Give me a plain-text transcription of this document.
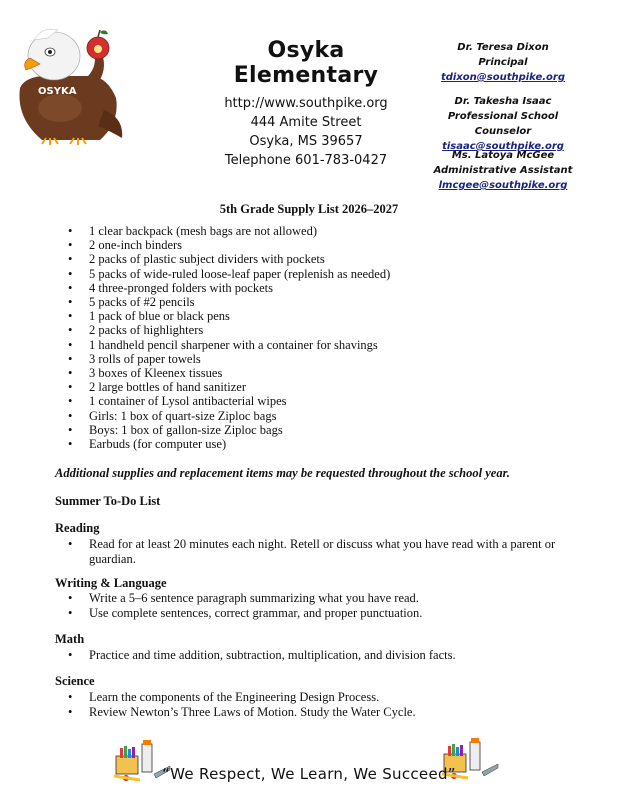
OSYKA
Osyka Elementary
http://www.southpike.org
444 Amite Street
Osyka, MS 39657
Telephone 601-783-0427
Dr. Teresa Dixon
Principal
tdixon@southpike.org
Dr. Takesha Isaac
Professional School Counselor
tisaac@southpike.org
Ms. Latoya McGee
Administrative Assistant
lmcgee@southpike.org
5th Grade Supply List 2026–2027
• 1 clear backpack (mesh bags are not allowed)
• 2 one-inch binders
• 2 packs of plastic subject dividers with pockets
• 5 packs of wide-ruled loose-leaf paper (replenish as needed)
• 4 three-pronged folders with pockets
• 5 packs of #2 pencils
• 1 pack of blue or black pens
• 2 packs of highlighters
• 1 handheld pencil sharpener with a container for shavings
• 3 rolls of paper towels
• 3 boxes of Kleenex tissues
• 2 large bottles of hand sanitizer
• 1 container of Lysol antibacterial wipes
• Girls: 1 box of quart-size Ziploc bags
• Boys: 1 box of gallon-size Ziploc bags
• Earbuds (for computer use)
Additional supplies and replacement items may be requested throughout the school year.
Summer To-Do List
Reading
• Read for at least 20 minutes each night. Retell or discuss what you have read with a parent or guardian.
Writing & Language
• Write a 5–6 sentence paragraph summarizing what you have read.
• Use complete sentences, correct grammar, and proper punctuation.
Math
• Practice and time addition, subtraction, multiplication, and division facts.
Science
• Learn the components of the Engineering Design Process.
• Review Newton’s Three Laws of Motion. Study the Water Cycle.
“We Respect, We Learn, We Succeed”
